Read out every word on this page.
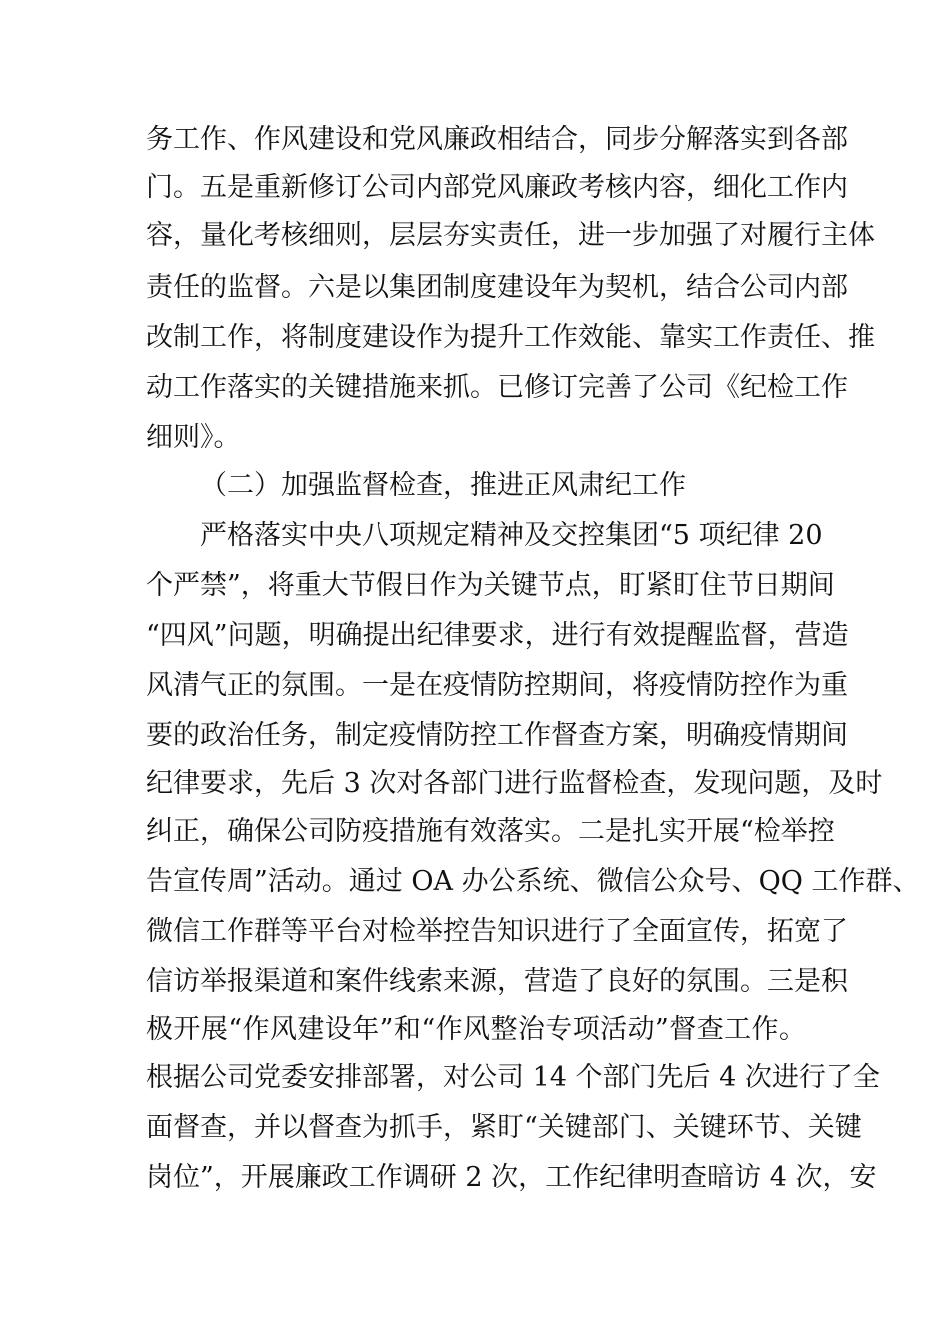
务工作、作风建设和党风廉政相结合，同步分解落实到各部
门。五是重新修订公司内部党风廉政考核内容，细化工作内
容，量化考核细则，层层夯实责任，进一步加强了对履行主体
责任的监督。六是以集团制度建设年为契机，结合公司内部
改制工作，将制度建设作为提升工作效能、靠实工作责任、推
动工作落实的关键措施来抓。已修订完善了公司《纪检工作
细则》。
（二）加强监督检查，推进正风肃纪工作
严格落实中央八项规定精神及交控集团“5 项纪律 20
个严禁”，将重大节假日作为关键节点，盯紧盯住节日期间
“四风”问题，明确提出纪律要求，进行有效提醒监督，营造
风清气正的氛围。一是在疫情防控期间，将疫情防控作为重
要的政治任务，制定疫情防控工作督查方案，明确疫情期间
纪律要求，先后 3 次对各部门进行监督检查，发现问题，及时
纠正，确保公司防疫措施有效落实。二是扎实开展“检举控
告宣传周”活动。通过 OA 办公系统、微信公众号、QQ 工作群、
微信工作群等平台对检举控告知识进行了全面宣传，拓宽了
信访举报渠道和案件线索来源，营造了良好的氛围。三是积
极开展“作风建设年”和“作风整治专项活动”督查工作。
根据公司党委安排部署，对公司 14 个部门先后 4 次进行了全
面督查，并以督查为抓手，紧盯“关键部门、关键环节、关键
岗位”，开展廉政工作调研 2 次，工作纪律明查暗访 4 次，安
